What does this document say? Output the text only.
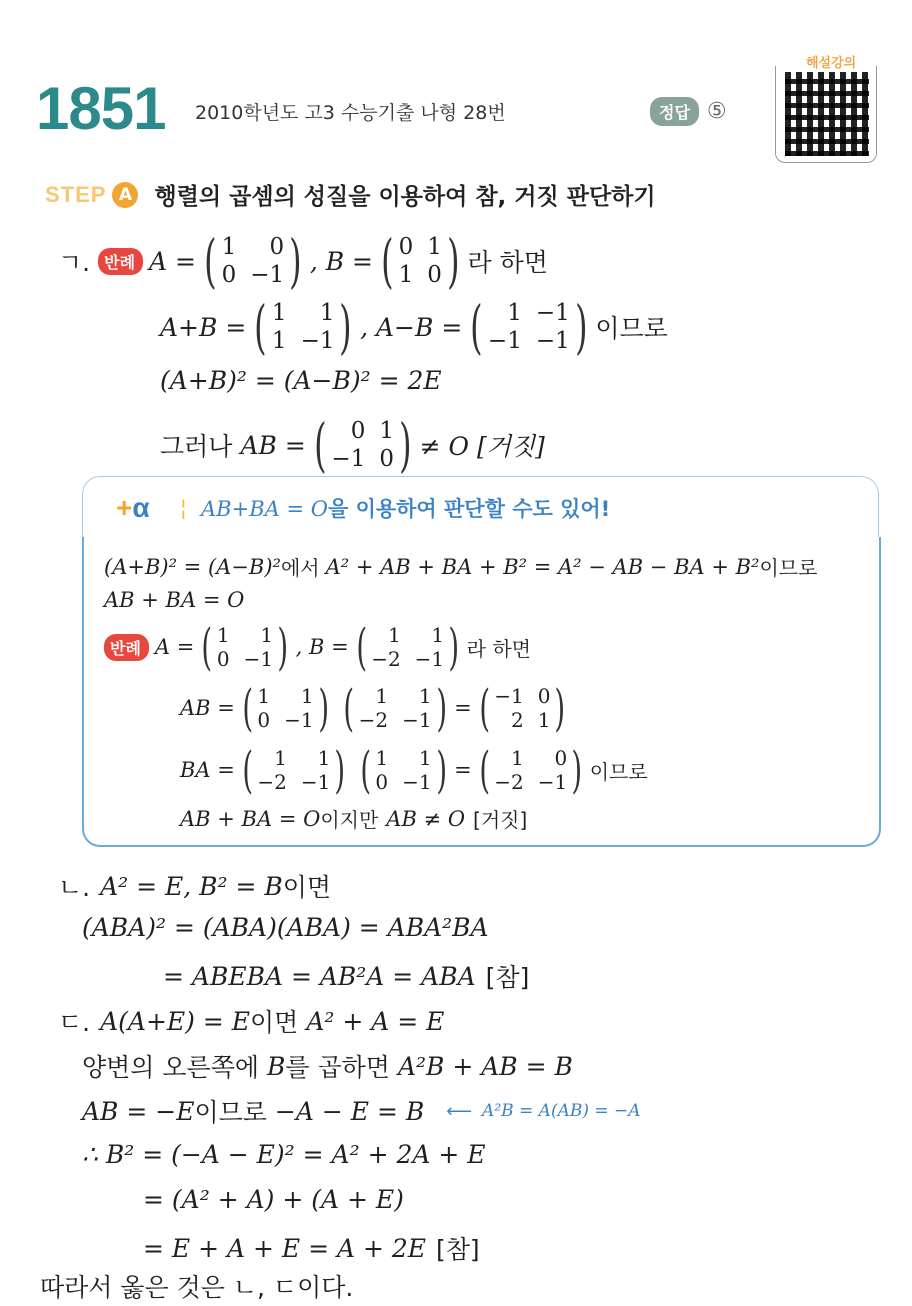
1851 2010학년도 고3 수능기출 나형 28번	정답 ⑤
해설강의
STEP A 행렬의 곱셈의 성질을 이용하여 참, 거짓 판단하기
ㄱ. 반례 A = ( 1	0
0 −1 ) , B = ( 0 1
1 0 ) 라 하면
A+B = ( 1	1
1 −1 ) , A−B = (	1 −1
−1 −1 ) 이므로
(A+B)² = (A−B)² = 2E
그러나 AB = (	0 1
−1 0 ) ≠ O [거짓]
+α ¦ AB+BA = O을 이용하여 판단할 수도 있어!
(A+B)² = (A−B)² 에서 A² + AB + BA + B² = A² − AB − BA + B² 이므로
AB + BA = O
반례 A = ( 1	1
0 −1 ) , B = (	1	1
−2 −1 ) 라 하면
AB = ( 1	1
0 −1 ) (	1	1
−2 −1 ) = ( −1 0
2 1 )
BA = (	1	1
−2 −1 ) ( 1	1
0 −1 ) = (	1	0
−2 −1 ) 이므로
AB + BA = O 이지만 AB ≠ O [거짓]
ㄴ. A² = E, B² = B 이면
(ABA)² = (ABA)(ABA) = ABA²BA
= ABEBA = AB²A = ABA [참]
ㄷ. A(A+E) = E 이면 A² + A = E
양변의 오른쪽에 B 를 곱하면 A²B + AB = B
AB = −E 이므로 −A − E = B ⟵ A²B = A(AB) = −A
∴ B² = (−A − E)² = A² + 2A + E
= (A² + A) + (A + E)
= E + A + E = A + 2E [참]
따라서 옳은 것은 ㄴ, ㄷ이다.
